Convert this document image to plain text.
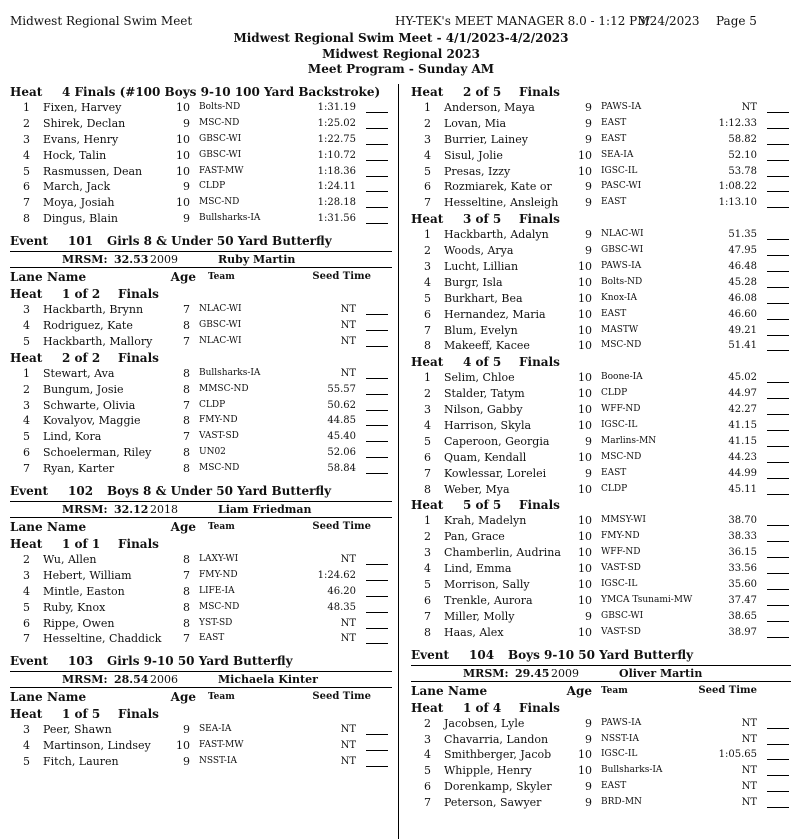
Midwest Regional Swim Meet	HY-TEK's MEET MANAGER 8.0 - 1:12 PM
3/24/2023 Page 5
Midwest Regional Swim Meet - 4/1/2023-4/2/2023
Midwest Regional 2023
Meet Program - Sunday AM
Heat 4 Finals (#100 Boys 9-10 100 Yard Backstroke)
1 Fixen, Harvey	10 Bolts-ND	1:31.19
2 Shirek, Declan	9 MSC-ND	1:25.02
3 Evans, Henry	10 GBSC-WI	1:22.75
4 Hock, Talin	10 GBSC-WI	1:10.72
5 Rasmussen, Dean	10 FAST-MW	1:18.36
6 March, Jack	9 CLDP	1:24.11
7 Moya, Josiah	10 MSC-ND	1:28.18
8 Dingus, Blain	9 Bullsharks-IA	1:31.56
Event 101 Girls 8 & Under 50 Yard Butterfly
MRSM: 32.53 2009	Ruby Martin
Lane Name	Age Team	Seed Time
Heat 1 of 2 Finals
3 Hackbarth, Brynn	7 NLAC-WI	NT
4 Rodriguez, Kate	8 GBSC-WI	NT
5 Hackbarth, Mallory	7 NLAC-WI	NT
Heat 2 of 2 Finals
1 Stewart, Ava	8 Bullsharks-IA	NT
2 Bungum, Josie	8 MMSC-ND	55.57
3 Schwarte, Olivia	7 CLDP	50.62
4 Kovalyov, Maggie	8 FMY-ND	44.85
5 Lind, Kora	7 VAST-SD	45.40
6 Schoelerman, Riley	8 UN02	52.06
7 Ryan, Karter	8 MSC-ND	58.84
Event 102 Boys 8 & Under 50 Yard Butterfly
MRSM: 32.12 2018	Liam Friedman
Lane Name	Age Team	Seed Time
Heat 1 of 1 Finals
2 Wu, Allen	8 LAXY-WI	NT
3 Hebert, William	7 FMY-ND	1:24.62
4 Mintle, Easton	8 LIFE-IA	46.20
5 Ruby, Knox	8 MSC-ND	48.35
6 Rippe, Owen	8 YST-SD	NT
7 Hesseltine, Chaddick	7 EAST	NT
Event 103 Girls 9-10 50 Yard Butterfly
MRSM: 28.54 2006	Michaela Kinter
Lane Name	Age Team	Seed Time
Heat 1 of 5 Finals
3 Peer, Shawn	9 SEA-IA	NT
4 Martinson, Lindsey	10 FAST-MW	NT
5 Fitch, Lauren	9 NSST-IA	NT
Heat 2 of 5 Finals
1 Anderson, Maya	9 PAWS-IA	NT
2 Lovan, Mia	9 EAST	1:12.33
3 Burrier, Lainey	9 EAST	58.82
4 Sisul, Jolie	10 SEA-IA	52.10
5 Presas, Izzy	10 IGSC-IL	53.78
6 Rozmiarek, Kate or	9 PASC-WI	1:08.22
7 Hesseltine, Ansleigh	9 EAST	1:13.10
Heat 3 of 5 Finals
1 Hackbarth, Adalyn	9 NLAC-WI	51.35
2 Woods, Arya	9 GBSC-WI	47.95
3 Lucht, Lillian	10 PAWS-IA	46.48
4 Burgr, Isla	10 Bolts-ND	45.28
5 Burkhart, Bea	10 Knox-IA	46.08
6 Hernandez, Maria	10 EAST	46.60
7 Blum, Evelyn	10 MASTW	49.21
8 Makeeff, Kacee	10 MSC-ND	51.41
Heat 4 of 5 Finals
1 Selim, Chloe	10 Boone-IA	45.02
2 Stalder, Tatym	10 CLDP	44.97
3 Nilson, Gabby	10 WFF-ND	42.27
4 Harrison, Skyla	10 IGSC-IL	41.15
5 Caperoon, Georgia	9 Marlins-MN	41.15
6 Quam, Kendall	10 MSC-ND	44.23
7 Kowlessar, Lorelei	9 EAST	44.99
8 Weber, Mya	10 CLDP	45.11
Heat 5 of 5 Finals
1 Krah, Madelyn	10 MMSY-WI	38.70
2 Pan, Grace	10 FMY-ND	38.33
3 Chamberlin, Audrina	10 WFF-ND	36.15
4 Lind, Emma	10 VAST-SD	33.56
5 Morrison, Sally	10 IGSC-IL	35.60
6 Trenkle, Aurora	10 YMCA Tsunami-MW	37.47
7 Miller, Molly	9 GBSC-WI	38.65
8 Haas, Alex	10 VAST-SD	38.97
Event 104 Boys 9-10 50 Yard Butterfly
MRSM: 29.45 2009	Oliver Martin
Lane Name	Age Team	Seed Time
Heat 1 of 4 Finals
2 Jacobsen, Lyle	9 PAWS-IA	NT
3 Chavarria, Landon	9 NSST-IA	NT
4 Smithberger, Jacob	10 IGSC-IL	1:05.65
5 Whipple, Henry	10 Bullsharks-IA	NT
6 Dorenkamp, Skyler	9 EAST	NT
7 Peterson, Sawyer	9 BRD-MN	NT
